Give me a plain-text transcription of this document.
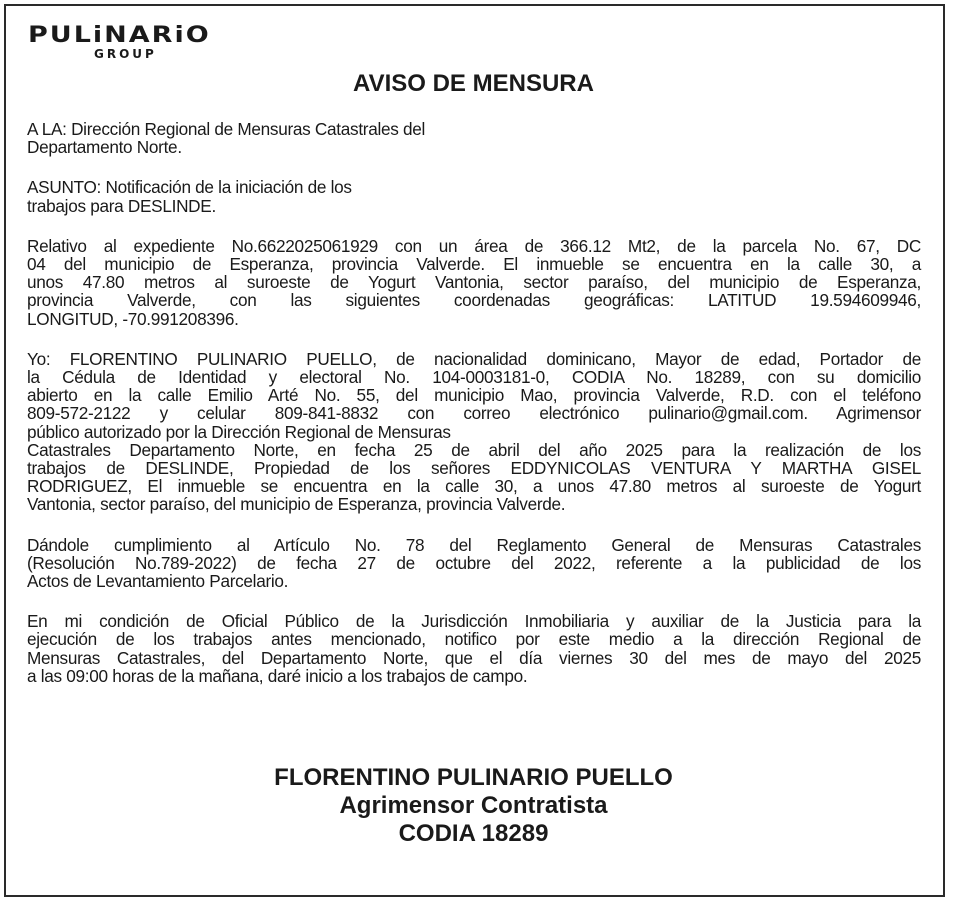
PULiNARiO
GROUP
AVISO DE MENSURA

A LA: Dirección Regional de Mensuras Catastrales del
Departamento Norte.

ASUNTO: Notificación de la iniciación de los
trabajos para DESLINDE.

Relativo al expediente No.6622025061929 con un área de 366.12 Mt2, de la parcela No. 67, DC
04 del municipio de Esperanza, provincia Valverde. El inmueble se encuentra en la calle 30, a
unos 47.80 metros al suroeste de Yogurt Vantonia, sector paraíso, del municipio de Esperanza,
provincia Valverde, con las siguientes coordenadas geográficas: LATITUD 19.594609946,
LONGITUD, -70.991208396.

Yo: FLORENTINO PULINARIO PUELLO, de nacionalidad dominicano, Mayor de edad, Portador de
la Cédula de Identidad y electoral No. 104-0003181-0, CODIA No. 18289, con su domicilio
abierto en la calle Emilio Arté No. 55, del municipio Mao, provincia Valverde, R.D. con el teléfono
809-572-2122 y celular 809-841-8832 con correo electrónico pulinario@gmail.com. Agrimensor
público autorizado por la Dirección Regional de Mensuras
Catastrales Departamento Norte, en fecha 25 de abril del año 2025 para la realización de los
trabajos de DESLINDE, Propiedad de los señores EDDYNICOLAS VENTURA Y MARTHA GISEL
RODRIGUEZ, El inmueble se encuentra en la calle 30, a unos 47.80 metros al suroeste de Yogurt
Vantonia, sector paraíso, del municipio de Esperanza, provincia Valverde.

Dándole cumplimiento al Artículo No. 78 del Reglamento General de Mensuras Catastrales
(Resolución No.789-2022) de fecha 27 de octubre del 2022, referente a la publicidad de los
Actos de Levantamiento Parcelario.

En mi condición de Oficial Público de la Jurisdicción Inmobiliaria y auxiliar de la Justicia para la
ejecución de los trabajos antes mencionado, notifico por este medio a la dirección Regional de
Mensuras Catastrales, del Departamento Norte, que el día viernes 30 del mes de mayo del 2025
a las 09:00 horas de la mañana, daré inicio a los trabajos de campo.

FLORENTINO PULINARIO PUELLO
Agrimensor Contratista
CODIA 18289
